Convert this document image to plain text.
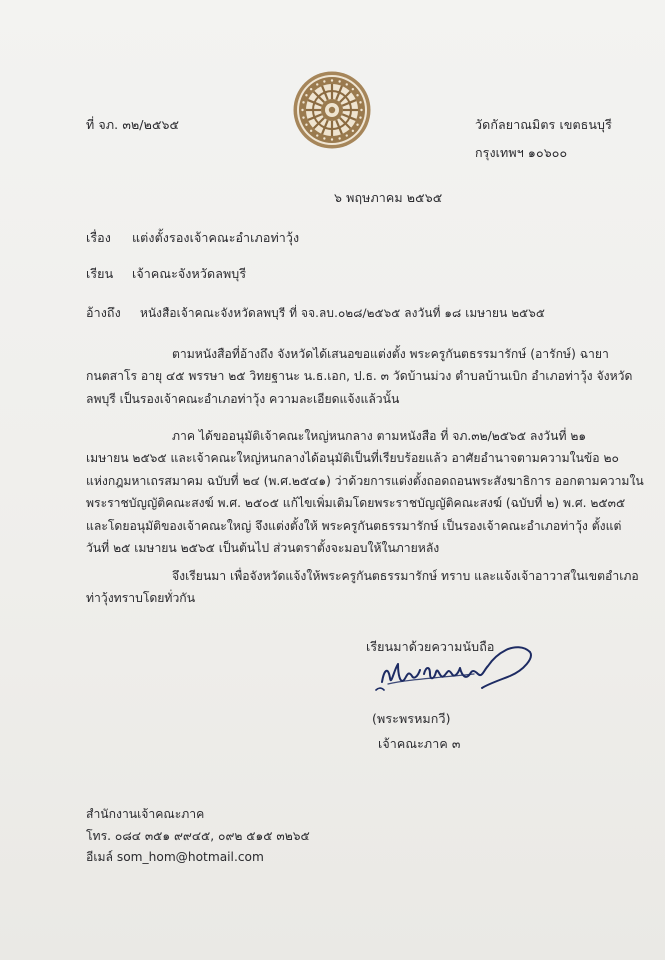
ที่ จภ. ๓๒/๒๕๖๕	วัดกัลยาณมิตร เขตธนบุรี
กรุงเทพฯ ๑๐๖๐๐
๖ พฤษภาคม ๒๕๖๕
เรื่อง แต่งตั้งรองเจ้าคณะอำเภอท่าวุ้ง
เรียน เจ้าคณะจังหวัดลพบุรี
อ้างถึง หนังสือเจ้าคณะจังหวัดลพบุรี ที่ จจ.ลบ.๐๒๘/๒๕๖๕ ลงวันที่ ๑๘ เมษายน ๒๕๖๕

ตามหนังสือที่อ้างถึง จังหวัดได้เสนอขอแต่งตั้ง พระครูกันตธรรมารักษ์ (อารักษ์) ฉายา

กนตสาโร อายุ ๔๕ พรรษา ๒๕ วิทยฐานะ น.ธ.เอก, ป.ธ. ๓ วัดบ้านม่วง ตำบลบ้านเบิก อำเภอท่าวุ้ง จังหวัด

ลพบุรี เป็นรองเจ้าคณะอำเภอท่าวุ้ง ความละเอียดแจ้งแล้วนั้น

ภาค ได้ขออนุมัติเจ้าคณะใหญ่หนกลาง ตามหนังสือ ที่ จภ.๓๒/๒๕๖๕ ลงวันที่ ๒๑

เมษายน ๒๕๖๕ และเจ้าคณะใหญ่หนกลางได้อนุมัติเป็นที่เรียบร้อยแล้ว อาศัยอำนาจตามความในข้อ ๒๐

แห่งกฎมหาเถรสมาคม ฉบับที่ ๒๔ (พ.ศ.๒๕๔๑) ว่าด้วยการแต่งตั้งถอดถอนพระสังฆาธิการ ออกตามความใน

พระราชบัญญัติคณะสงฆ์ พ.ศ. ๒๕๐๕ แก้ไขเพิ่มเติมโดยพระราชบัญญัติคณะสงฆ์ (ฉบับที่ ๒) พ.ศ. ๒๕๓๕

และโดยอนุมัติของเจ้าคณะใหญ่ จึงแต่งตั้งให้ พระครูกันตธรรมารักษ์ เป็นรองเจ้าคณะอำเภอท่าวุ้ง ตั้งแต่

วันที่ ๒๕ เมษายน ๒๕๖๕ เป็นต้นไป ส่วนตราตั้งจะมอบให้ในภายหลัง

จึงเรียนมา เพื่อจังหวัดแจ้งให้พระครูกันตธรรมารักษ์ ทราบ และแจ้งเจ้าอาวาสในเขตอำเภอ

ท่าวุ้งทราบโดยทั่วกัน

เรียนมาด้วยความนับถือ
(พระพรหมกวี)
เจ้าคณะภาค ๓
สำนักงานเจ้าคณะภาค
โทร. ๐๘๔ ๓๕๑ ๙๙๔๕, ๐๙๒ ๕๑๕ ๓๒๖๕
อีเมล์ som_hom@hotmail.com
